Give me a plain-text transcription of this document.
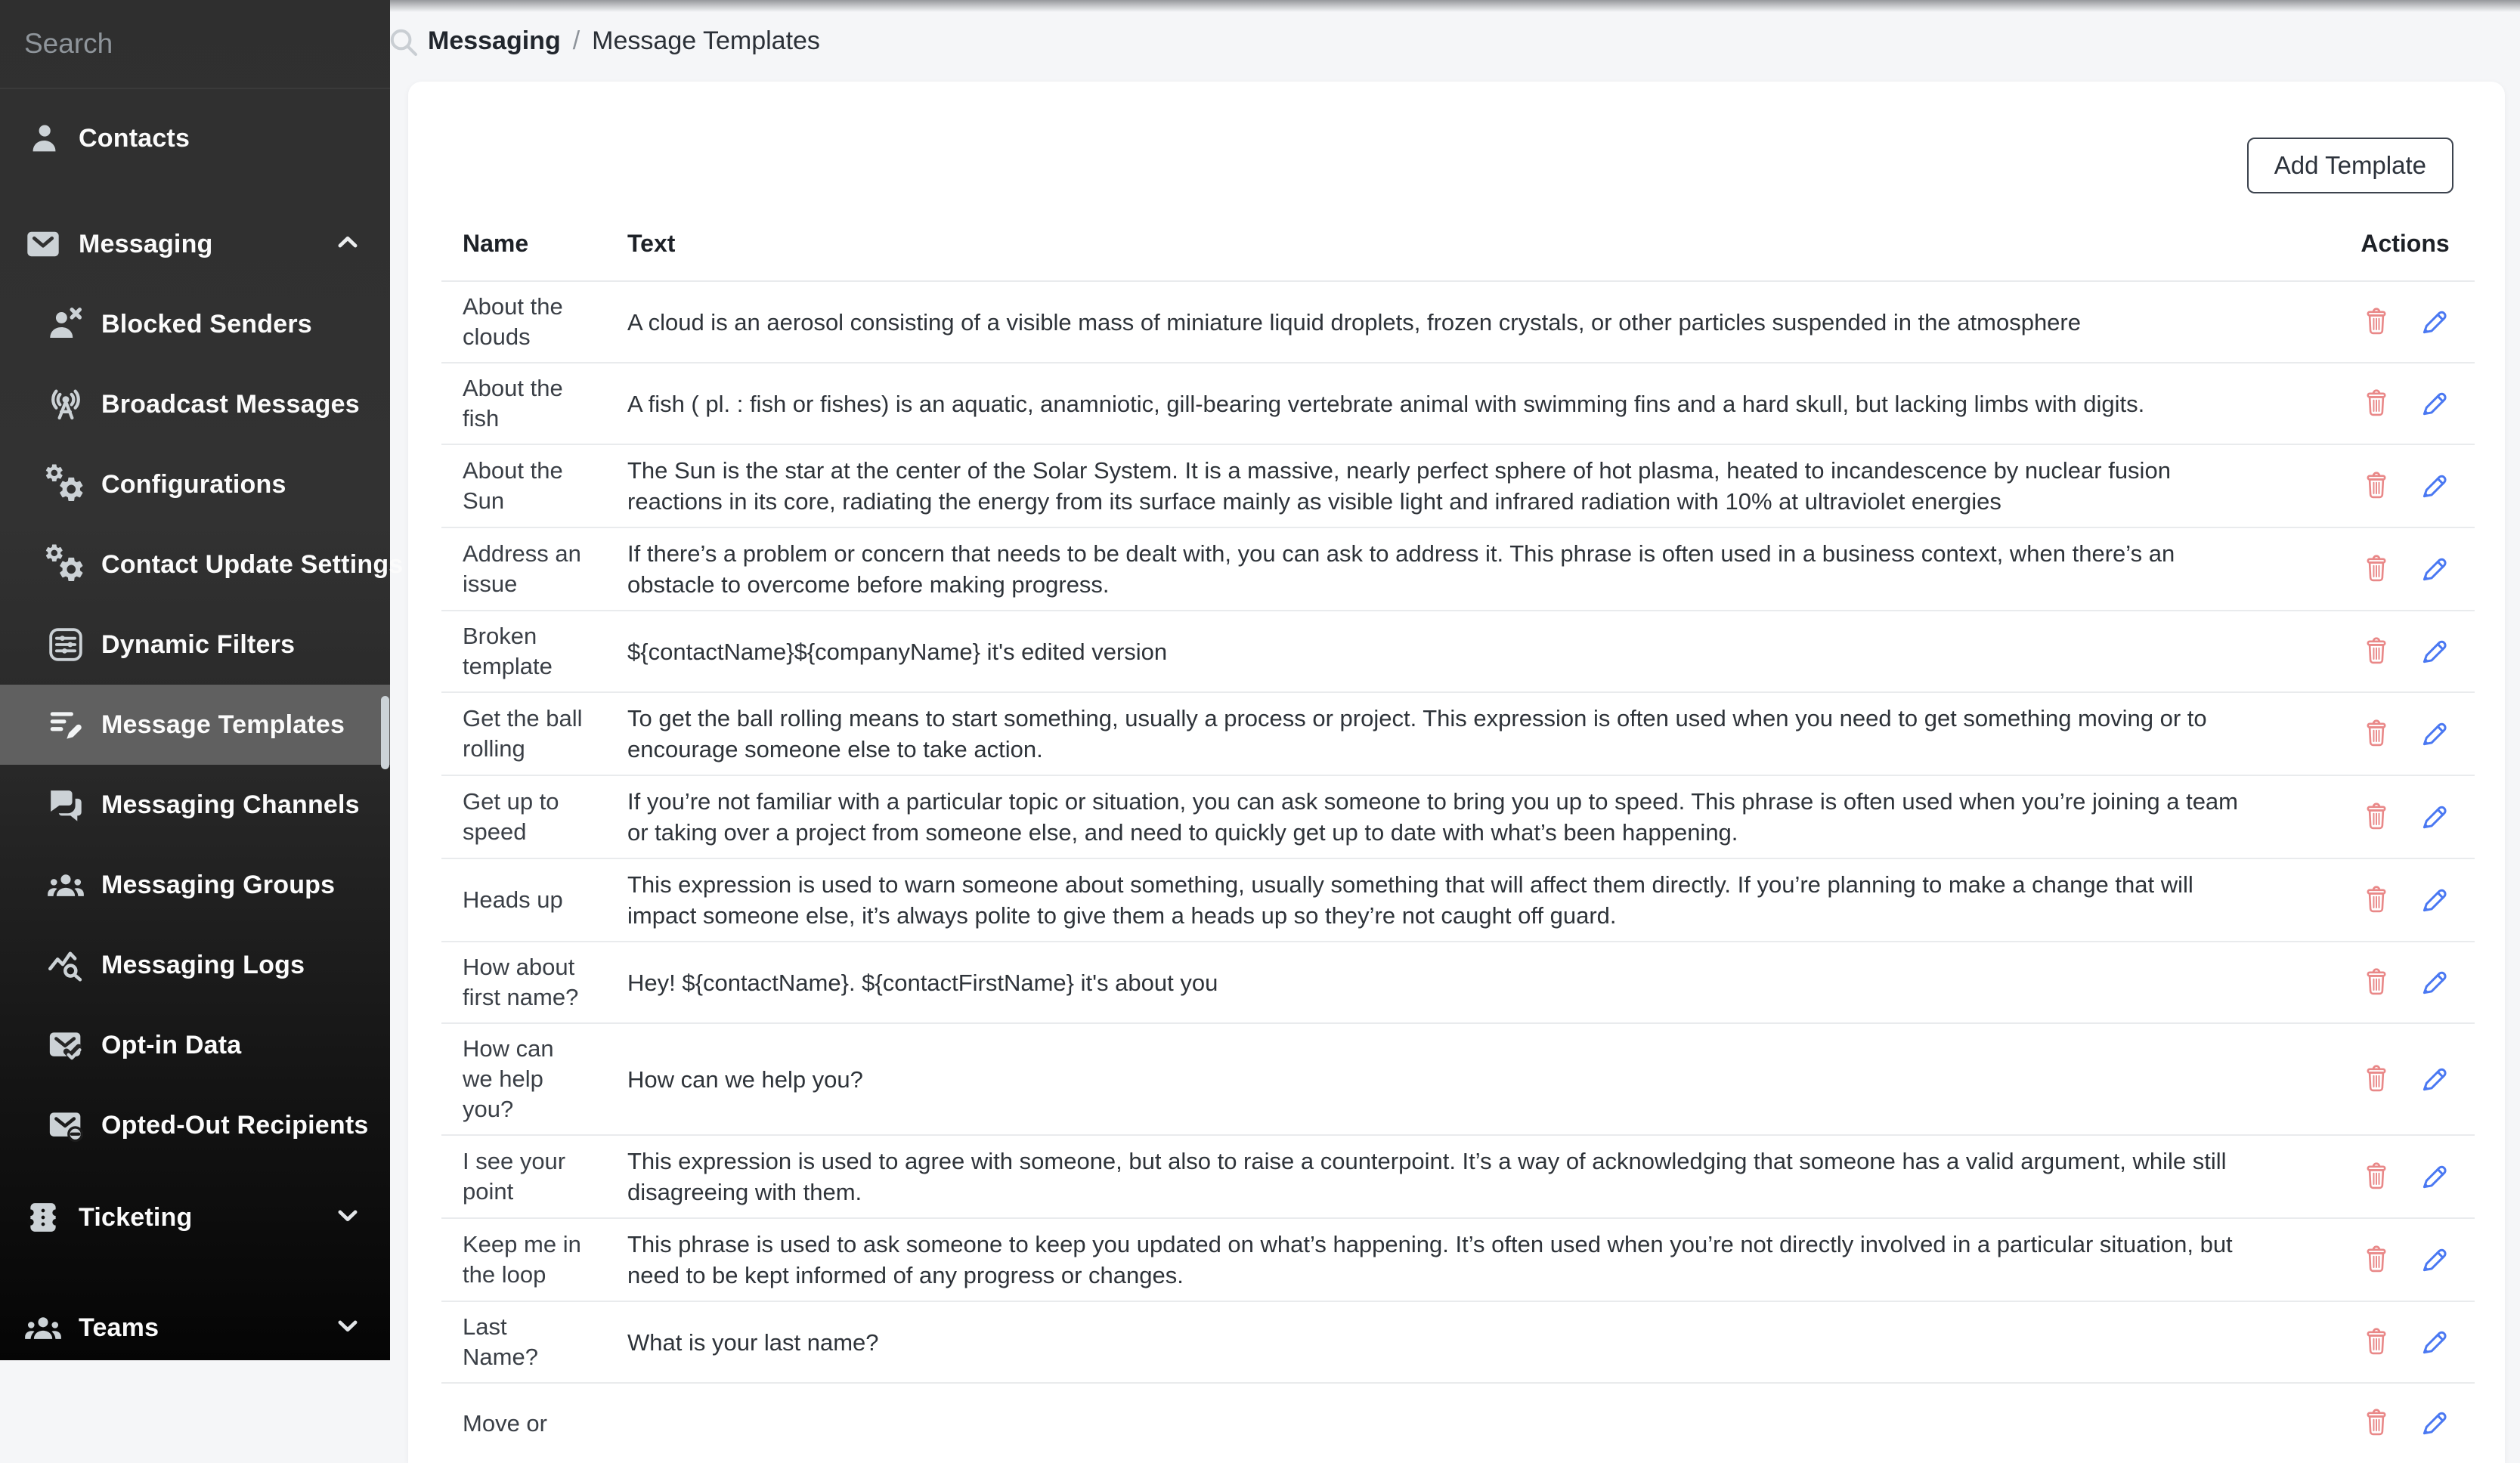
Search
Contacts
Messaging
Blocked Senders
Broadcast Messages
Configurations
Contact Update Settings
Dynamic Filters
Message Templates
Messaging Channels
Messaging Groups
Messaging Logs
Opt-in Data
Opted-Out Recipients
Ticketing
Teams
Messaging / Message Templates
Add Template
Name	Text	Actions
About the clouds	A cloud is an aerosol consisting of a visible mass of miniature liquid droplets, frozen crystals, or other particles suspended in the atmosphere	
About the fish	A fish ( pl. : fish or fishes) is an aquatic, anamniotic, gill-bearing vertebrate animal with swimming fins and a hard skull, but lacking limbs with digits.	
About the Sun	The Sun is the star at the center of the Solar System. It is a massive, nearly perfect sphere of hot plasma, heated to incandescence by nuclear fusion reactions in its core, radiating the energy from its surface mainly as visible light and infrared radiation with 10% at ultraviolet energies	
Address an issue	If there’s a problem or concern that needs to be dealt with, you can ask to address it. This phrase is often used in a business context, when there’s an obstacle to overcome before making progress.	
Broken template	${contactName}${companyName} it's edited version	
Get the ball rolling	To get the ball rolling means to start something, usually a process or project. This expression is often used when you need to get something moving or to encourage someone else to take action.	
Get up to speed	If you’re not familiar with a particular topic or situation, you can ask someone to bring you up to speed. This phrase is often used when you’re joining a team or taking over a project from someone else, and need to quickly get up to date with what’s been happening.	
Heads up	This expression is used to warn someone about something, usually something that will affect them directly. If you’re planning to make a change that will impact someone else, it’s always polite to give them a heads up so they’re not caught off guard.	
How about first name?	Hey! ${contactName}. ${contactFirstName} it's about you	
How can we help you?	How can we help you?	
I see your point	This expression is used to agree with someone, but also to raise a counterpoint. It’s a way of acknowledging that someone has a valid argument, while still disagreeing with them.	
Keep me in the loop	This phrase is used to ask someone to keep you updated on what’s happening. It’s often used when you’re not directly involved in a particular situation, but need to be kept informed of any progress or changes.	
Last Name?	What is your last name?	
Move or		
